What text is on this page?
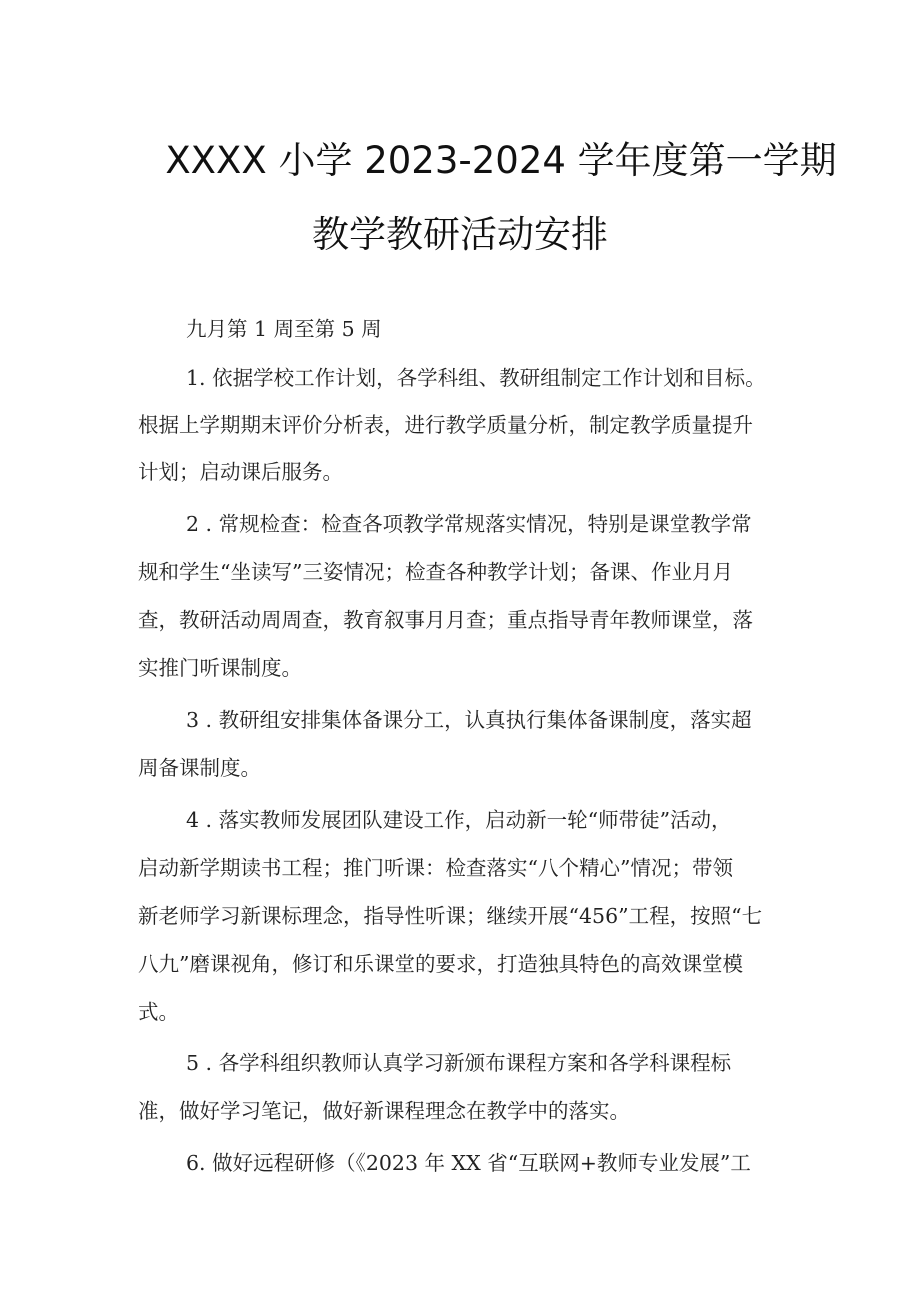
XXXX 小学 2023-2024 学年度第一学期
教学教研活动安排
九月第 1 周至第 5 周
1. 依据学校工作计划，各学科组、教研组制定工作计划和目标。
根据上学期期末评价分析表，进行教学质量分析，制定教学质量提升
计划；启动课后服务。
2 . 常规检查：检查各项教学常规落实情况，特别是课堂教学常
规和学生“坐读写”三姿情况；检查各种教学计划；备课、作业月月
查，教研活动周周查，教育叙事月月查；重点指导青年教师课堂，落
实推门听课制度。
3 . 教研组安排集体备课分工，认真执行集体备课制度，落实超
周备课制度。
4 . 落实教师发展团队建设工作，启动新一轮“师带徒”活动，
启动新学期读书工程；推门听课：检查落实“八个精心”情况；带领
新老师学习新课标理念，指导性听课；继续开展“456”工程，按照“七
八九”磨课视角，修订和乐课堂的要求，打造独具特色的高效课堂模
式。
5 . 各学科组织教师认真学习新颁布课程方案和各学科课程标
准，做好学习笔记，做好新课程理念在教学中的落实。
6. 做好远程研修（《2023 年 XX 省“互联网+教师专业发展”工
